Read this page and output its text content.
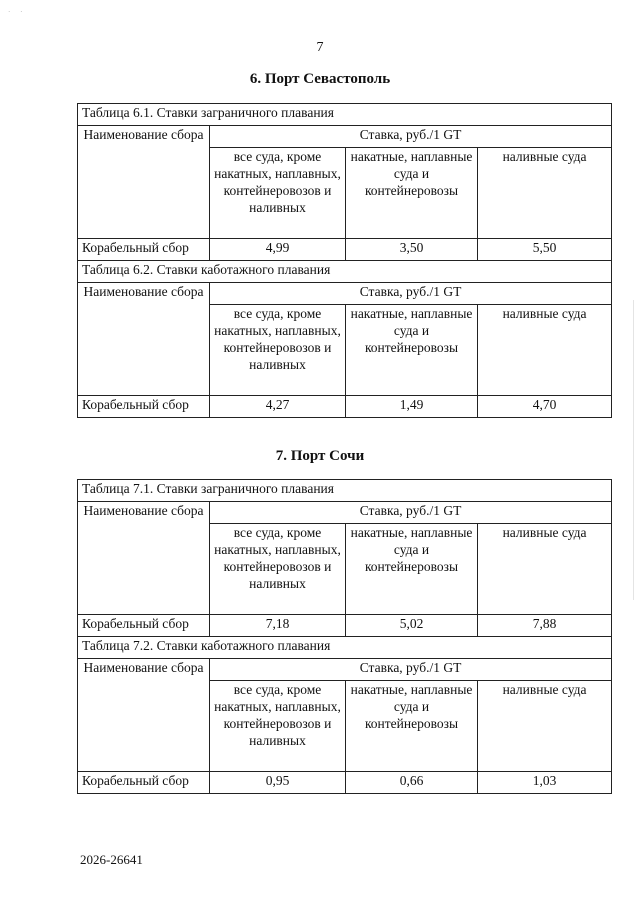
· ·
7
6. Порт Севастополь
Таблица 6.1. Ставки заграничного плавания			
Наименование сбора	Ставка, руб./1 GT		
	все суда, кроме накатных, наплавных, контейнеровозов и наливных	накатные, наплавные суда и контейнеровозы	наливные суда
Корабельный сбор	4,99	3,50	5,50
Таблица 6.2. Ставки каботажного плавания			
Наименование сбора	Ставка, руб./1 GT		
	все суда, кроме накатных, наплавных, контейнеровозов и наливных	накатные, наплавные суда и контейнеровозы	наливные суда
Корабельный сбор	4,27	1,49	4,70
7. Порт Сочи
Таблица 7.1. Ставки заграничного плавания			
Наименование сбора	Ставка, руб./1 GT		
	все суда, кроме накатных, наплавных, контейнеровозов и наливных	накатные, наплавные суда и контейнеровозы	наливные суда
Корабельный сбор	7,18	5,02	7,88
Таблица 7.2. Ставки каботажного плавания			
Наименование сбора	Ставка, руб./1 GT		
	все суда, кроме накатных, наплавных, контейнеровозов и наливных	накатные, наплавные суда и контейнеровозы	наливные суда
Корабельный сбор	0,95	0,66	1,03
2026-26641
